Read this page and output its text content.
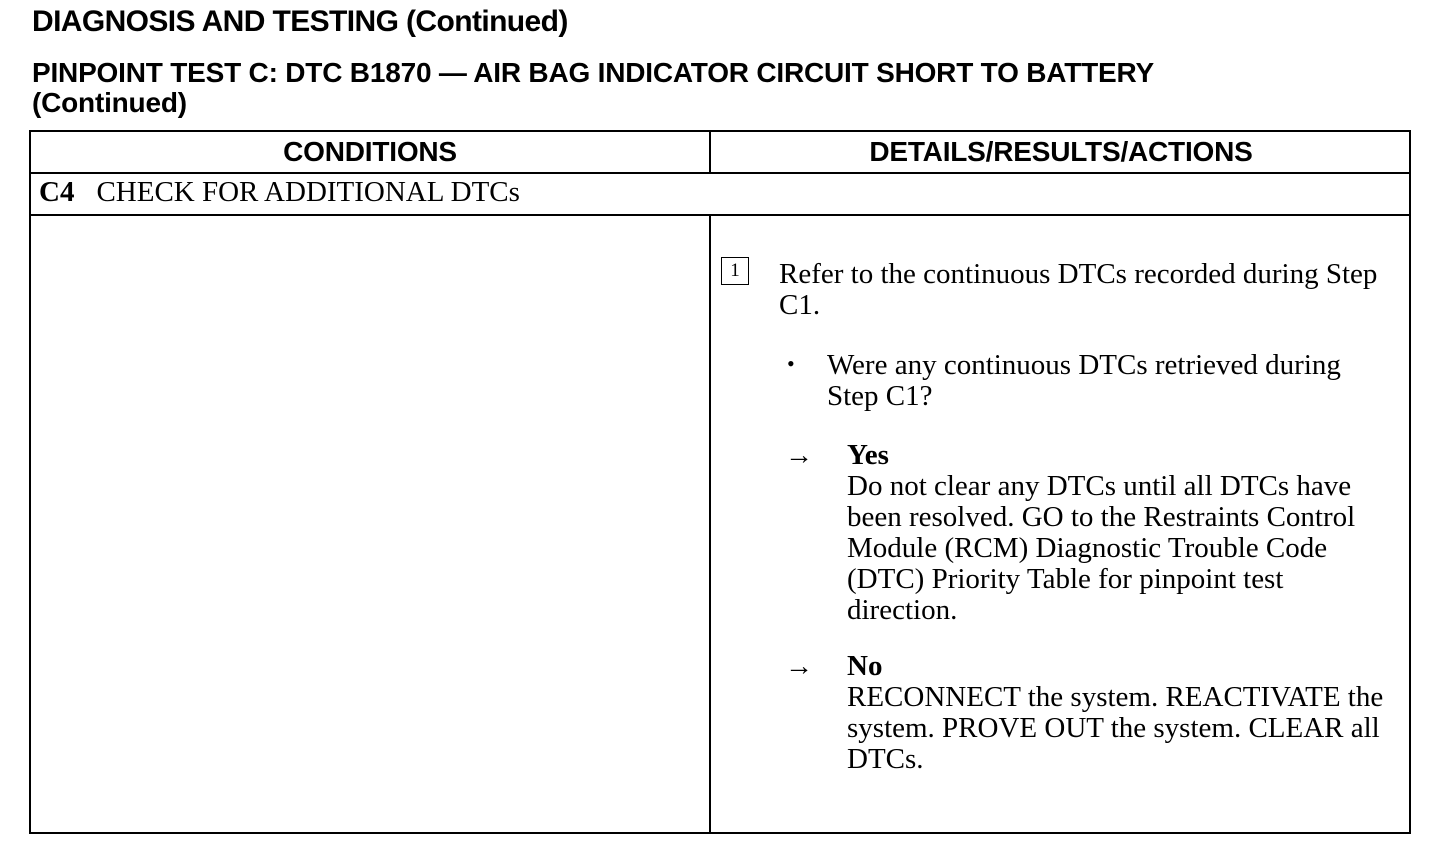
DIAGNOSIS AND TESTING (Continued)
PINPOINT TEST C: DTC B1870 — AIR BAG INDICATOR CIRCUIT SHORT TO BATTERY
(Continued)
CONDITIONS	DETAILS/RESULTS/ACTIONS
C4 CHECK FOR ADDITIONAL DTCs
1	Refer to the continuous DTCs recorded during Step C1.
• Were any continuous DTCs retrieved during Step C1?
→ Yes
Do not clear any DTCs until all DTCs have been resolved. GO to the Restraints Control Module (RCM) Diagnostic Trouble Code (DTC) Priority Table for pinpoint test direction.
→ No
RECONNECT the system. REACTIVATE the system. PROVE OUT the system. CLEAR all DTCs.
